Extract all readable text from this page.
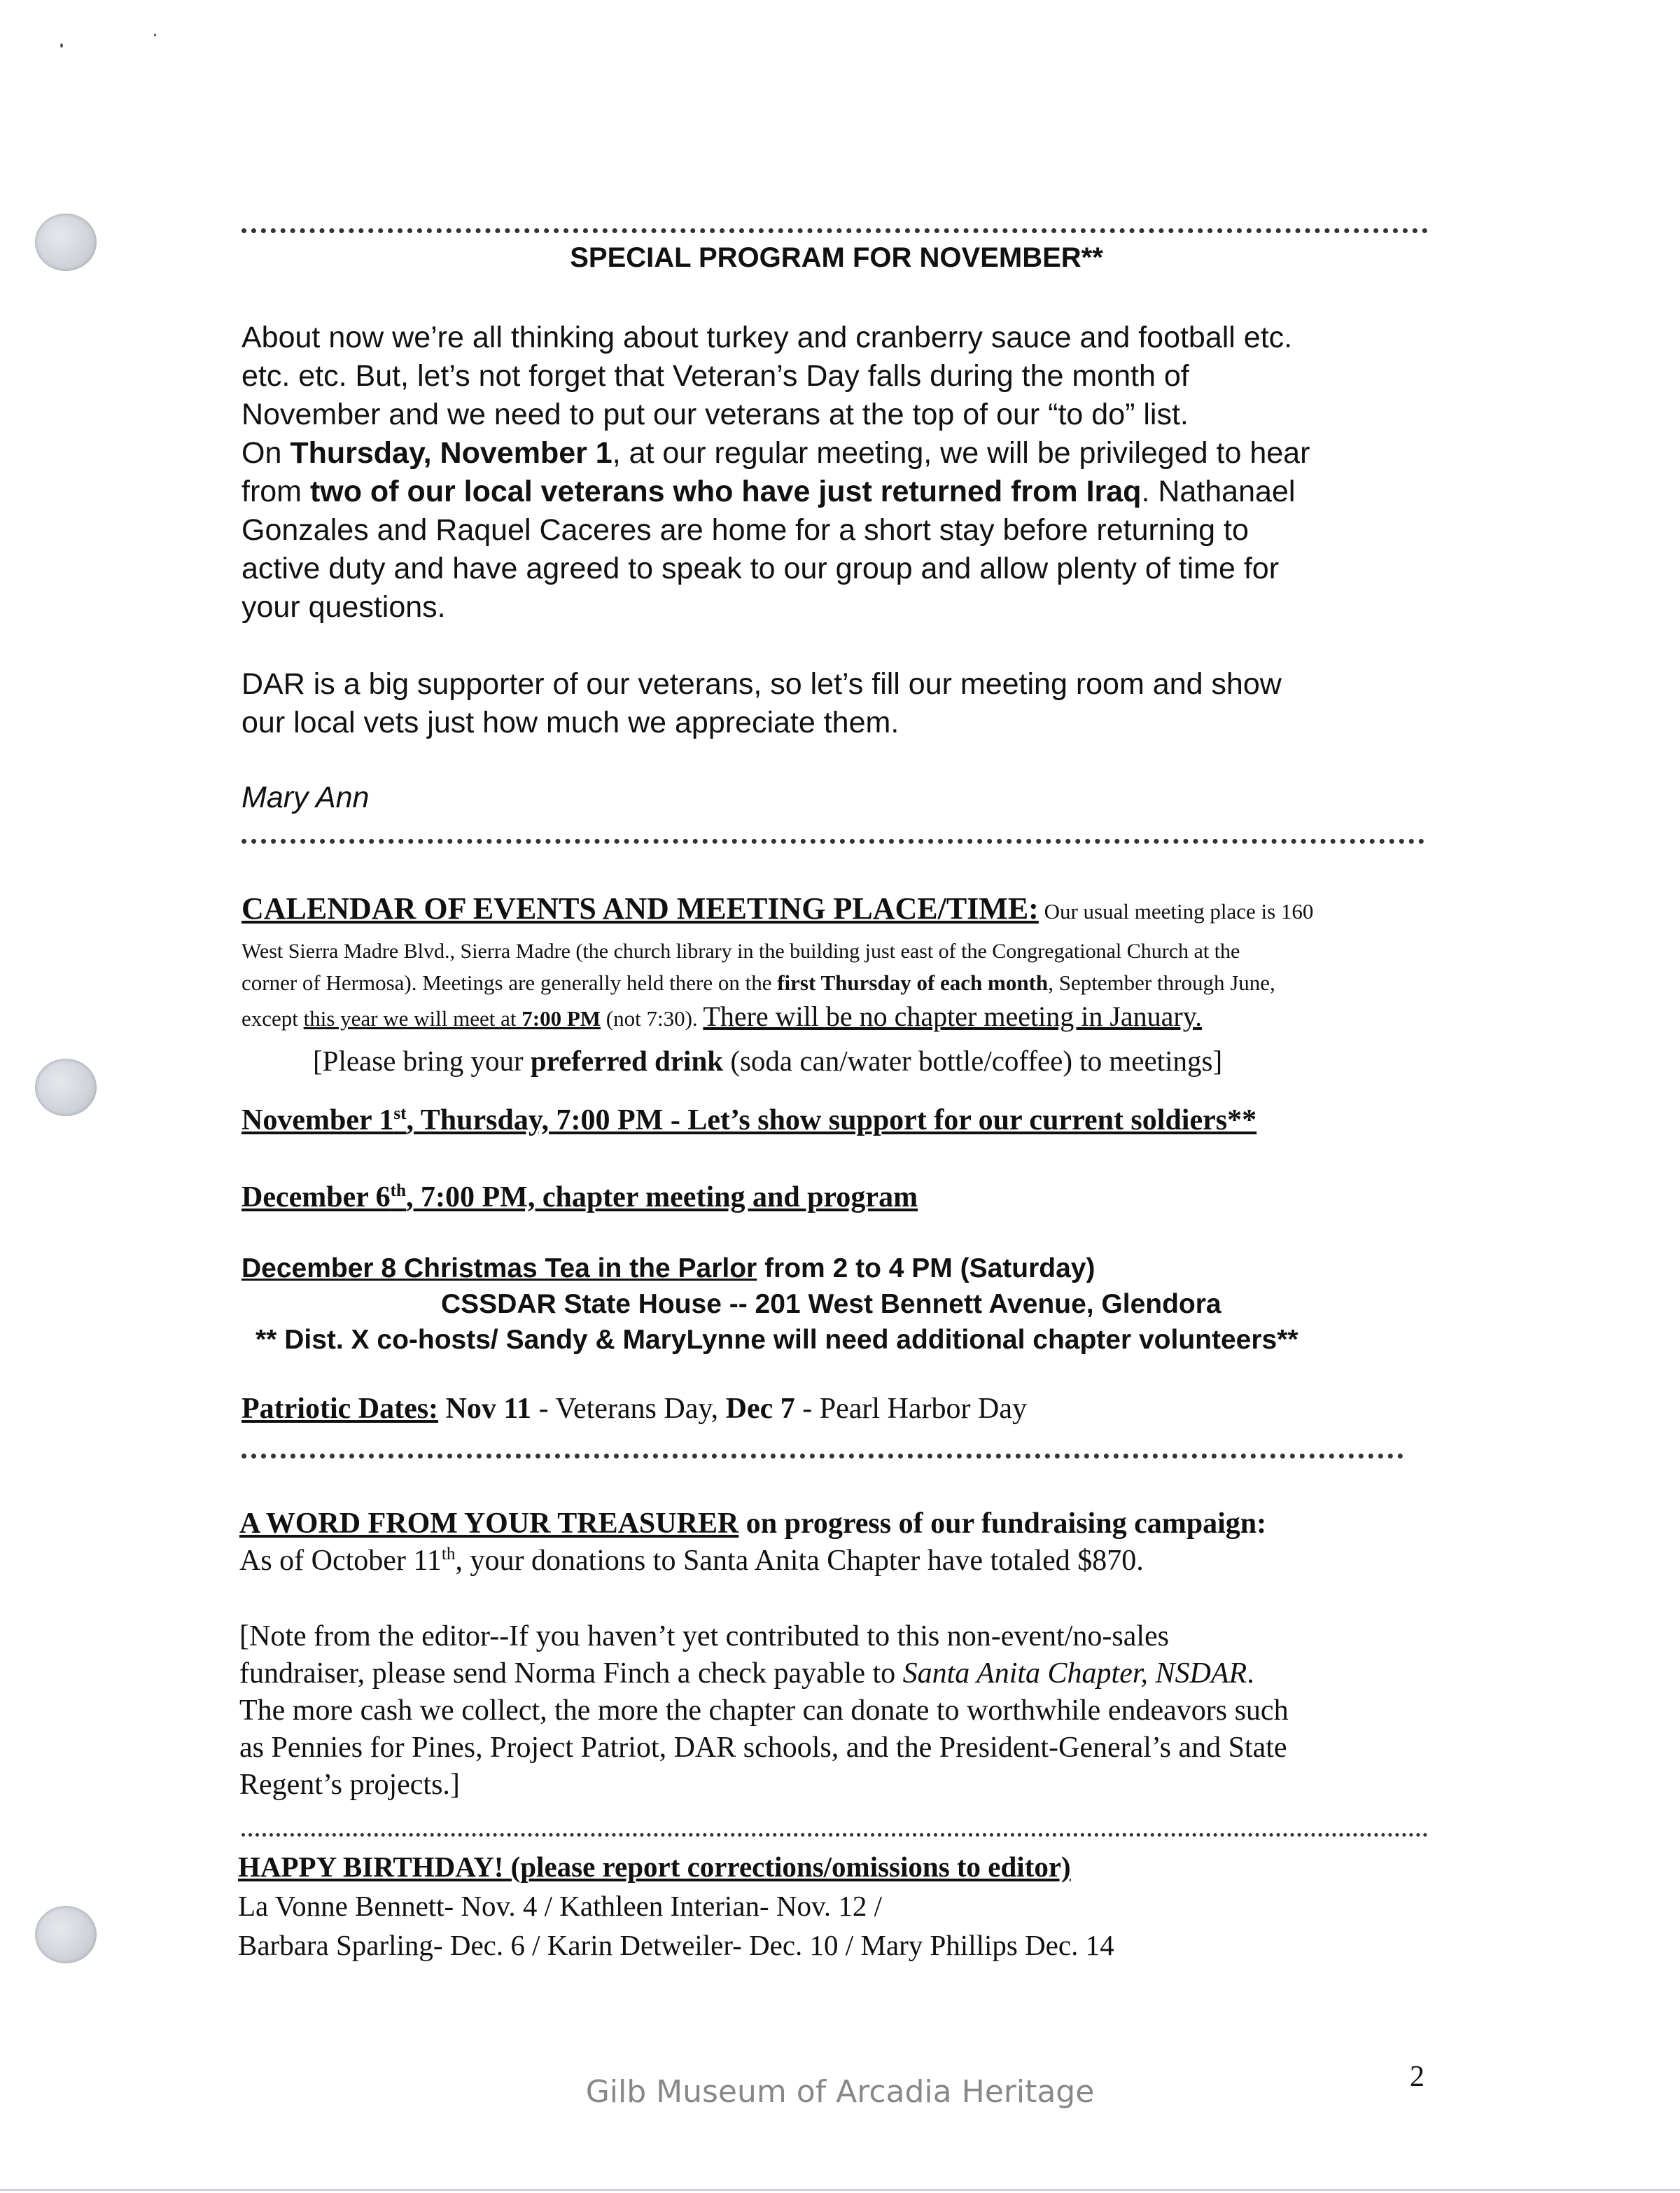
SPECIAL PROGRAM FOR NOVEMBER**
About now we’re all thinking about turkey and cranberry sauce and football etc.
etc. etc. But, let’s not forget that Veteran’s Day falls during the month of
November and we need to put our veterans at the top of our “to do” list.
On Thursday, November 1, at our regular meeting, we will be privileged to hear
from two of our local veterans who have just returned from Iraq. Nathanael
Gonzales and Raquel Caceres are home for a short stay before returning to
active duty and have agreed to speak to our group and allow plenty of time for
your questions.
DAR is a big supporter of our veterans, so let’s fill our meeting room and show
our local vets just how much we appreciate them.
Mary Ann
CALENDAR OF EVENTS AND MEETING PLACE/TIME: Our usual meeting place is 160
West Sierra Madre Blvd., Sierra Madre (the church library in the building just east of the Congregational Church at the
corner of Hermosa). Meetings are generally held there on the first Thursday of each month, September through June,
except this year we will meet at 7:00 PM (not 7:30). There will be no chapter meeting in January.
[Please bring your preferred drink (soda can/water bottle/coffee) to meetings]
November 1st, Thursday, 7:00 PM - Let’s show support for our current soldiers**
December 6th, 7:00 PM, chapter meeting and program
December 8 Christmas Tea in the Parlor from 2 to 4 PM (Saturday)
CSSDAR State House -- 201 West Bennett Avenue, Glendora
** Dist. X co-hosts/ Sandy & MaryLynne will need additional chapter volunteers**
Patriotic Dates: Nov 11 - Veterans Day, Dec 7 - Pearl Harbor Day
A WORD FROM YOUR TREASURER on progress of our fundraising campaign:
As of October 11th, your donations to Santa Anita Chapter have totaled $870.
[Note from the editor--If you haven’t yet contributed to this non-event/no-sales
fundraiser, please send Norma Finch a check payable to Santa Anita Chapter, NSDAR.
The more cash we collect, the more the chapter can donate to worthwhile endeavors such
as Pennies for Pines, Project Patriot, DAR schools, and the President-General’s and State
Regent’s projects.]
HAPPY BIRTHDAY! (please report corrections/omissions to editor)
La Vonne Bennett- Nov. 4 / Kathleen Interian- Nov. 12 /
Barbara Sparling- Dec. 6 / Karin Detweiler- Dec. 10 / Mary Phillips Dec. 14
Gilb Museum of Arcadia Heritage	2
